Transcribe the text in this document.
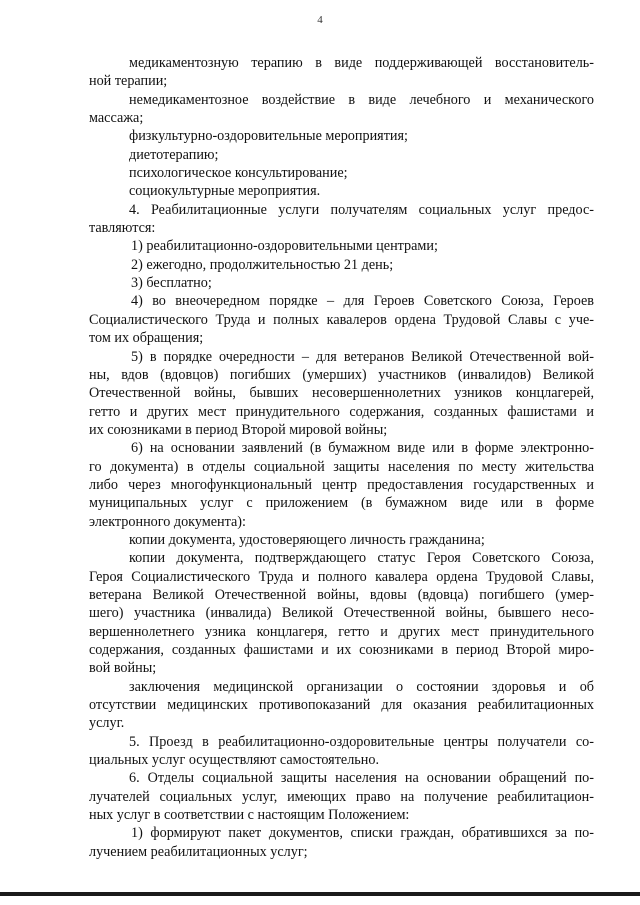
4
медикаментозную терапию в виде поддерживающей восстановитель-
ной терапии;
немедикаментозное воздействие в виде лечебного и механического
массажа;
физкультурно-оздоровительные мероприятия;
диетотерапию;
психологическое консультирование;
социокультурные мероприятия.
4. Реабилитационные услуги получателям социальных услуг предос-
тавляются:
1) реабилитационно-оздоровительными центрами;
2) ежегодно, продолжительностью 21 день;
3) бесплатно;
4) во внеочередном порядке – для Героев Советского Союза, Героев
Социалистического Труда и полных кавалеров ордена Трудовой Славы с уче-
том их обращения;
5) в порядке очередности – для ветеранов Великой Отечественной вой-
ны, вдов (вдовцов) погибших (умерших) участников (инвалидов) Великой
Отечественной войны, бывших несовершеннолетних узников концлагерей,
гетто и других мест принудительного содержания, созданных фашистами и
их союзниками в период Второй мировой войны;
6) на основании заявлений (в бумажном виде или в форме электронно-
го документа) в отделы социальной защиты населения по месту жительства
либо через многофункциональный центр предоставления государственных и
муниципальных услуг с приложением (в бумажном виде или в форме
электронного документа):
копии документа, удостоверяющего личность гражданина;
копии документа, подтверждающего статус Героя Советского Союза,
Героя Социалистического Труда и полного кавалера ордена Трудовой Славы,
ветерана Великой Отечественной войны, вдовы (вдовца) погибшего (умер-
шего) участника (инвалида) Великой Отечественной войны, бывшего несо-
вершеннолетнего узника концлагеря, гетто и других мест принудительного
содержания, созданных фашистами и их союзниками в период Второй миро-
вой войны;
заключения медицинской организации о состоянии здоровья и об
отсутствии медицинских противопоказаний для оказания реабилитационных
услуг.
5. Проезд в реабилитационно-оздоровительные центры получатели со-
циальных услуг осуществляют самостоятельно.
6. Отделы социальной защиты населения на основании обращений по-
лучателей социальных услуг, имеющих право на получение реабилитацион-
ных услуг в соответствии с настоящим Положением:
1) формируют пакет документов, списки граждан, обратившихся за по-
лучением реабилитационных услуг;
